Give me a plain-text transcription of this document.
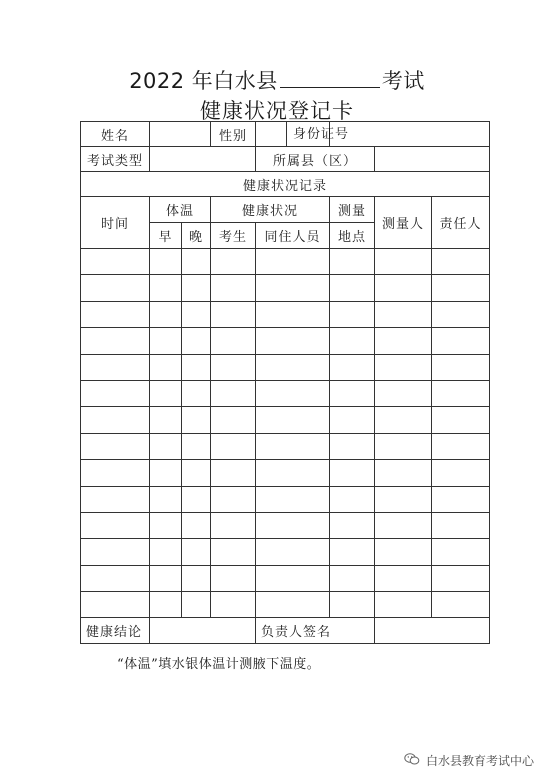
2022 年白水县	考试
健康状况登记卡
姓名			性别	身份证号			
考试类型				所属县（区）			
健康状况记录							
时间	体温		健康状况		测量	测量人	责任人
	早	晚	考生	同住人员	地点		

健康结论				负责人签名			
“体温”填水银体温计测腋下温度。
白水县教育考试中心
